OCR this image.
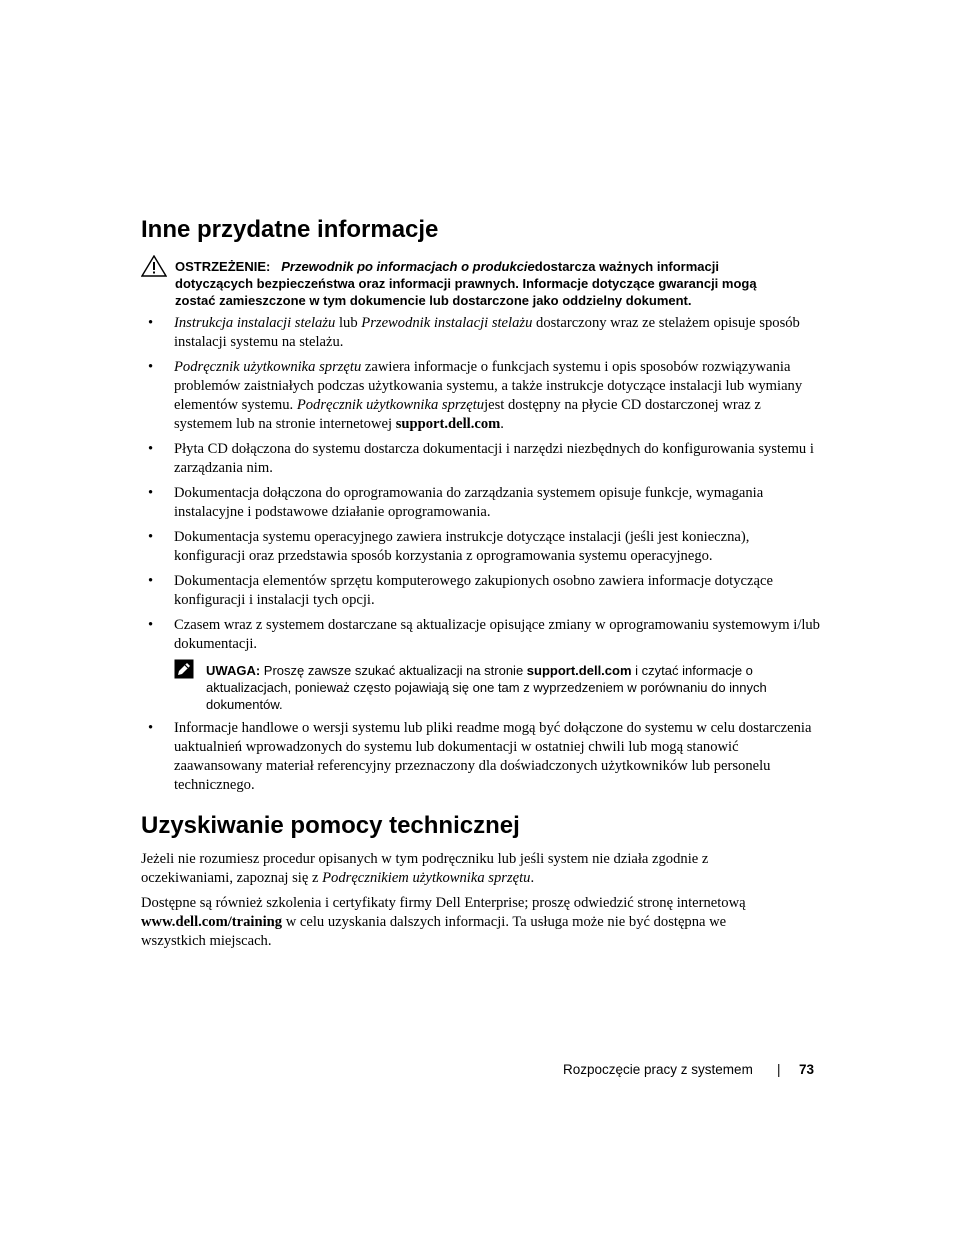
Inne przydatne informacje
OSTRZEŻENIE: Przewodnik po informacjach o produkciedostarcza ważnych informacji dotyczących bezpieczeństwa oraz informacji prawnych. Informacje dotyczące gwarancji mogą zostać zamieszczone w tym dokumencie lub dostarczone jako oddzielny dokument.
• Instrukcja instalacji stelażu lub Przewodnik instalacji stelażu dostarczony wraz ze stelażem opisuje sposób instalacji systemu na stelażu.
• Podręcznik użytkownika sprzętu zawiera informacje o funkcjach systemu i opis sposobów rozwiązywania problemów zaistniałych podczas użytkowania systemu, a także instrukcje dotyczące instalacji lub wymiany elementów systemu. Podręcznik użytkownika sprzętujest dostępny na płycie CD dostarczonej wraz z systemem lub na stronie internetowej support.dell.com.
• Płyta CD dołączona do systemu dostarcza dokumentacji i narzędzi niezbędnych do konfigurowania systemu i zarządzania nim.
• Dokumentacja dołączona do oprogramowania do zarządzania systemem opisuje funkcje, wymagania instalacyjne i podstawowe działanie oprogramowania.
• Dokumentacja systemu operacyjnego zawiera instrukcje dotyczące instalacji (jeśli jest konieczna), konfiguracji oraz przedstawia sposób korzystania z oprogramowania systemu operacyjnego.
• Dokumentacja elementów sprzętu komputerowego zakupionych osobno zawiera informacje dotyczące konfiguracji i instalacji tych opcji.
• Czasem wraz z systemem dostarczane są aktualizacje opisujące zmiany w oprogramowaniu systemowym i/lub dokumentacji.
UWAGA: Proszę zawsze szukać aktualizacji na stronie support.dell.com i czytać informacje o aktualizacjach, ponieważ często pojawiają się one tam z wyprzedzeniem w porównaniu do innych dokumentów.
• Informacje handlowe o wersji systemu lub pliki readme mogą być dołączone do systemu w celu dostarczenia uaktualnień wprowadzonych do systemu lub dokumentacji w ostatniej chwili lub mogą stanowić zaawansowany materiał referencyjny przeznaczony dla doświadczonych użytkowników lub personelu technicznego.
Uzyskiwanie pomocy technicznej

Jeżeli nie rozumiesz procedur opisanych w tym podręczniku lub jeśli system nie działa zgodnie z oczekiwaniami, zapoznaj się z Podręcznikiem użytkownika sprzętu.

Dostępne są również szkolenia i certyfikaty firmy Dell Enterprise; proszę odwiedzić stronę internetową www.dell.com/training w celu uzyskania dalszych informacji. Ta usługa może nie być dostępna we wszystkich miejscach.

Rozpoczęcie pracy z systemem | 73
